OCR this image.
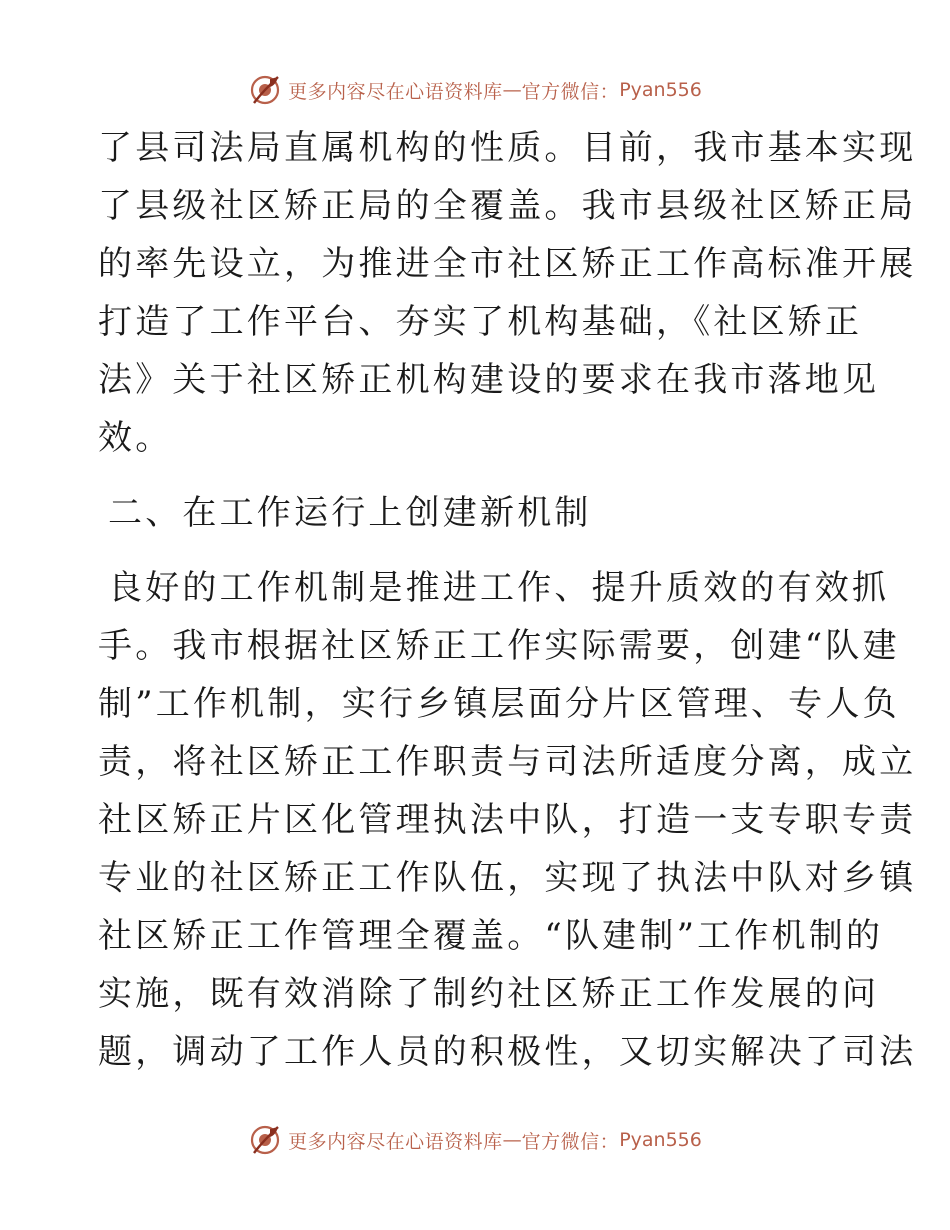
更多内容尽在心语资料库 — 官方微信： Pyan556
了县司法局直属机构的性质。目前，我市基本实现
了县级社区矫正局的全覆盖。我市县级社区矫正局
的率先设立，为推进全市社区矫正工作高标准开展
打造了工作平台、夯实了机构基础，《社区矫正
法》关于社区矫正机构建设的要求在我市落地见
效。
二、在工作运行上创建新机制
良好的工作机制是推进工作、提升质效的有效抓
手。我市根据社区矫正工作实际需要，创建“队建
制”工作机制，实行乡镇层面分片区管理、专人负
责，将社区矫正工作职责与司法所适度分离，成立
社区矫正片区化管理执法中队，打造一支专职专责
专业的社区矫正工作队伍，实现了执法中队对乡镇
社区矫正工作管理全覆盖。“队建制”工作机制的
实施，既有效消除了制约社区矫正工作发展的问
题，调动了工作人员的积极性，又切实解决了司法
更多内容尽在心语资料库 — 官方微信： Pyan556
